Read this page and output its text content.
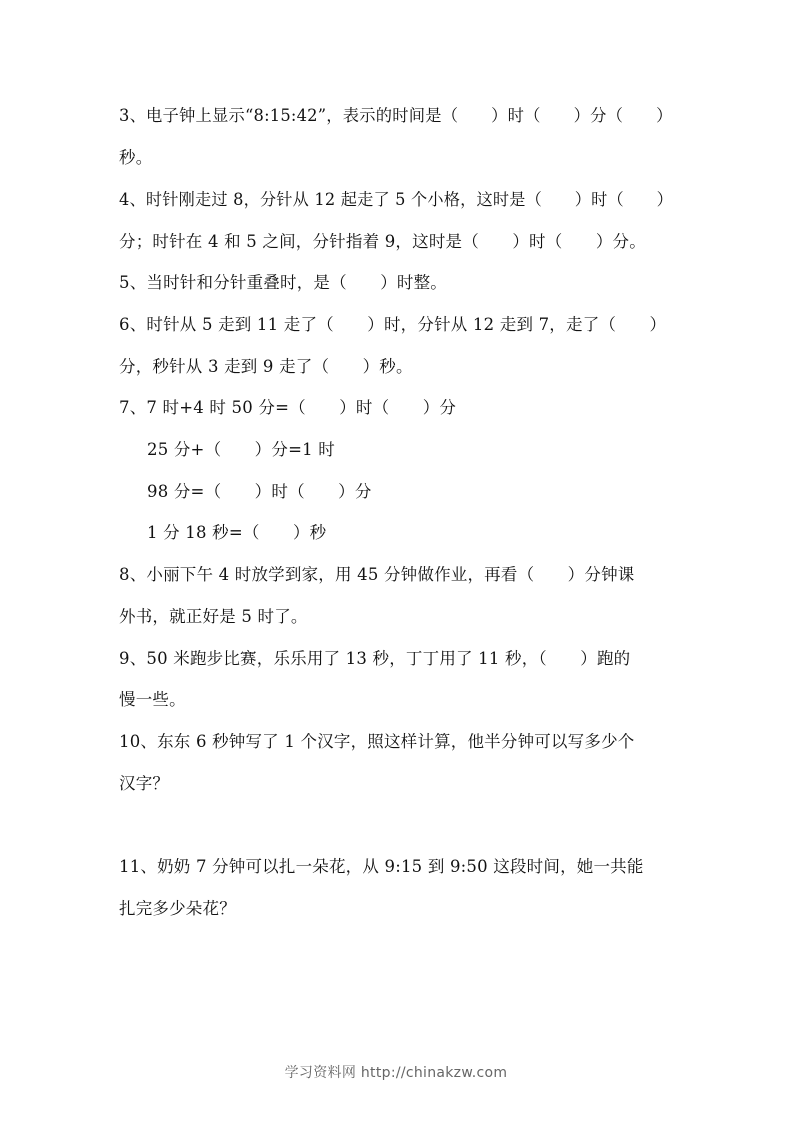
3、电子钟上显示“8:15:42”，表示的时间是（　　）时（　　）分（　　）
秒。
4、时针刚走过 8，分针从 12 起走了 5 个小格，这时是（　　）时（　　）
分；时针在 4 和 5 之间，分针指着 9，这时是（　　）时（　　）分。
5、当时针和分针重叠时，是（　　）时整。
6、时针从 5 走到 11 走了（　　）时，分针从 12 走到 7，走了（　　）
分，秒针从 3 走到 9 走了（　　）秒。
7、7 时+4 时 50 分=（　　）时（　　）分
25 分+（　　）分=1 时
98 分=（　　）时（　　）分
1 分 18 秒=（　　）秒
8、小丽下午 4 时放学到家，用 45 分钟做作业，再看（　　）分钟课
外书，就正好是 5 时了。
9、50 米跑步比赛，乐乐用了 13 秒，丁丁用了 11 秒，（　　）跑的
慢一些。
10、东东 6 秒钟写了 1 个汉字，照这样计算，他半分钟可以写多少个
汉字？
11、奶奶 7 分钟可以扎一朵花，从 9:15 到 9:50 这段时间，她一共能
扎完多少朵花？
学习资料网 http://chinakzw.com
